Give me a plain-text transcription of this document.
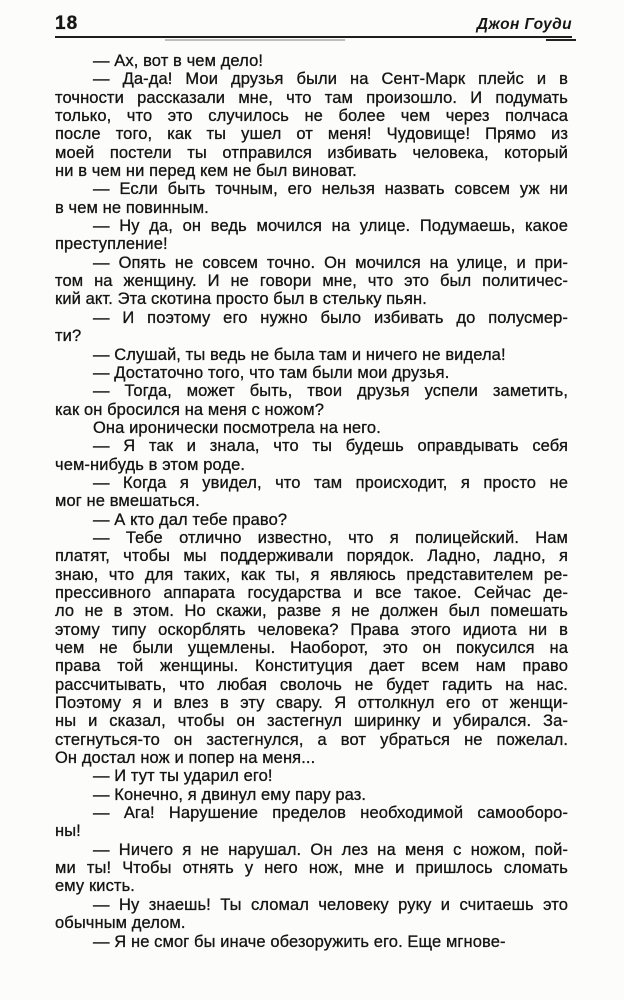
18	Джон Гоуди
— Ах, вот в чем дело!
— Да-да! Мои друзья были на Сент-Марк плейс и в
точности рассказали мне, что там произошло. И подумать
только, что это случилось не более чем через полчаса
после того, как ты ушел от меня! Чудовище! Прямо из
моей постели ты отправился избивать человека, который
ни в чем ни перед кем не был виноват.
— Если быть точным, его нельзя назвать совсем уж ни
в чем не повинным.
— Ну да, он ведь мочился на улице. Подумаешь, какое
преступление!
— Опять не совсем точно. Он мочился на улице, и при-
том на женщину. И не говори мне, что это был политичес-
кий акт. Эта скотина просто был в стельку пьян.
— И поэтому его нужно было избивать до полусмер-
ти?
— Слушай, ты ведь не была там и ничего не видела!
— Достаточно того, что там были мои друзья.
— Тогда, может быть, твои друзья успели заметить,
как он бросился на меня с ножом?
Она иронически посмотрела на него.
— Я так и знала, что ты будешь оправдывать себя
чем-нибудь в этом роде.
— Когда я увидел, что там происходит, я просто не
мог не вмешаться.
— А кто дал тебе право?
— Тебе отлично известно, что я полицейский. Нам
платят, чтобы мы поддерживали порядок. Ладно, ладно, я
знаю, что для таких, как ты, я являюсь представителем ре-
прессивного аппарата государства и все такое. Сейчас де-
ло не в этом. Но скажи, разве я не должен был помешать
этому типу оскорблять человека? Права этого идиота ни в
чем не были ущемлены. Наоборот, это он покусился на
права той женщины. Конституция дает всем нам право
рассчитывать, что любая сволочь не будет гадить на нас.
Поэтому я и влез в эту свару. Я оттолкнул его от женщи-
ны и сказал, чтобы он застегнул ширинку и убирался. За-
стегнуться-то он застегнулся, а вот убраться не пожелал.
Он достал нож и попер на меня...
— И тут ты ударил его!
— Конечно, я двинул ему пару раз.
— Ага! Нарушение пределов необходимой самооборо-
ны!
— Ничего я не нарушал. Он лез на меня с ножом, пой-
ми ты! Чтобы отнять у него нож, мне и пришлось сломать
ему кисть.
— Ну знаешь! Ты сломал человеку руку и считаешь это
обычным делом.
— Я не смог бы иначе обезоружить его. Еще мгнове-
